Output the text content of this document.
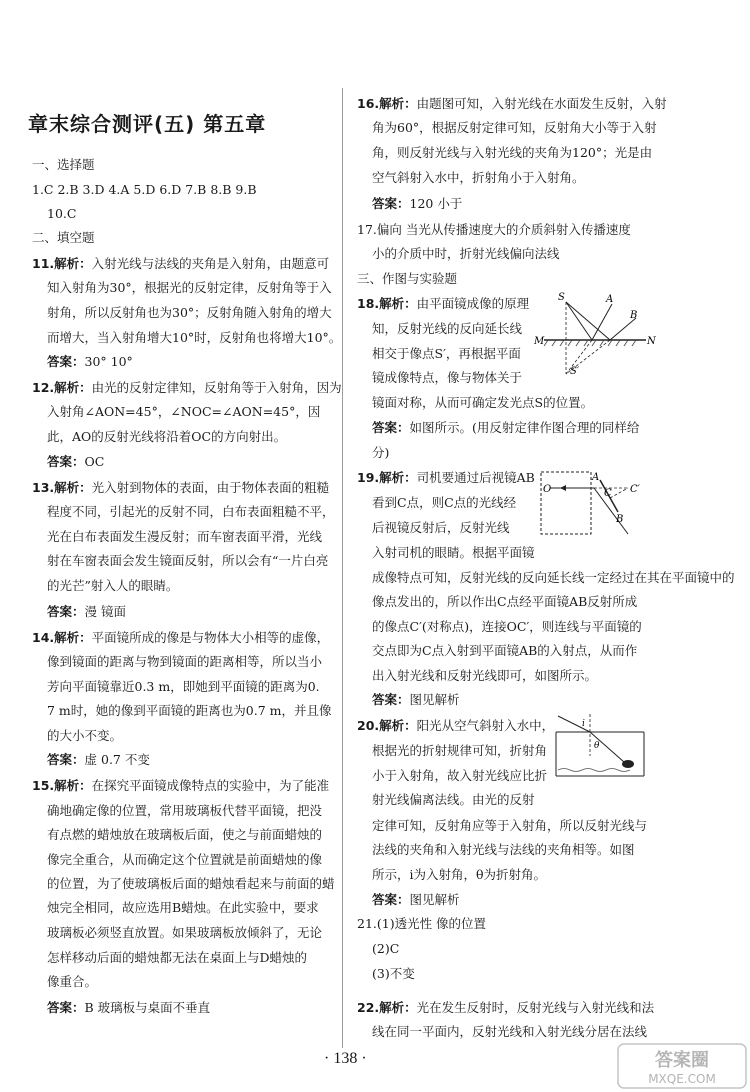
章末综合测评(五) 第五章
一、选择题
1.C 2.B 3.D 4.A 5.D 6.D 7.B 8.B 9.B
10.C
二、填空题
11.解析：入射光线与法线的夹角是入射角，由题意可
知入射角为30°，根据光的反射定律，反射角等于入
射角，所以反射角也为30°；反射角随入射角的增大
而增大，当入射角增大10°时，反射角也将增大10°。
答案：30° 10°
12.解析：由光的反射定律知，反射角等于入射角，因为
入射角∠AON=45°，∠NOC=∠AON=45°，因
此，AO的反射光线将沿着OC的方向射出。
答案：OC
13.解析：光入射到物体的表面，由于物体表面的粗糙
程度不同，引起光的反射不同，白布表面粗糙不平，
光在白布表面发生漫反射；而车窗表面平滑，光线
射在车窗表面会发生镜面反射，所以会有“一片白亮
的光芒”射入人的眼睛。
答案：漫 镜面
14.解析：平面镜所成的像是与物体大小相等的虚像，
像到镜面的距离与物到镜面的距离相等，所以当小
芳向平面镜靠近0.3 m，即她到平面镜的距离为0.
7 m时，她的像到平面镜的距离也为0.7 m，并且像
的大小不变。
答案：虚 0.7 不变
15.解析：在探究平面镜成像特点的实验中，为了能准
确地确定像的位置，常用玻璃板代替平面镜，把没
有点燃的蜡烛放在玻璃板后面，使之与前面蜡烛的
像完全重合，从而确定这个位置就是前面蜡烛的像
的位置，为了使玻璃板后面的蜡烛看起来与前面的蜡
烛完全相同，故应选用B蜡烛。在此实验中，要求
玻璃板必须竖直放置。如果玻璃板放倾斜了，无论
怎样移动后面的蜡烛都无法在桌面上与D蜡烛的
像重合。
答案：B 玻璃板与桌面不垂直
16.解析：由题图可知，入射光线在水面发生反射，入射
角为60°，根据反射定律可知，反射角大小等于入射
角，则反射光线与入射光线的夹角为120°；光是由
空气斜射入水中，折射角小于入射角。
答案：120 小于
17.偏向 当光从传播速度大的介质斜射入传播速度
小的介质中时，折射光线偏向法线
三、作图与实验题
18.解析：由平面镜成像的原理
知，反射光线的反向延长线
相交于像点S′，再根据平面
镜成像特点，像与物体关于
镜面对称，从而可确定发光点S的位置。
答案：如图所示。(用反射定律作图合理的同样给
分)
19.解析：司机要通过后视镜AB
看到C点，则C点的光线经
后视镜反射后，反射光线
入射司机的眼睛。根据平面镜
成像特点可知，反射光线的反向延长线一定经过在其在平面镜中的
像点发出的，所以作出C点经平面镜AB反射所成
的像点C′(对称点)，连接OC′，则连线与平面镜的
交点即为C点入射到平面镜AB的入射点，从而作
出入射光线和反射光线即可，如图所示。
答案：图见解析
20.解析：阳光从空气斜射入水中，
根据光的折射规律可知，折射角
小于入射角，故入射光线应比折
射光线偏离法线。由光的反射
定律可知，反射角应等于入射角，所以反射光线与
法线的夹角和入射光线与法线的夹角相等。如图
所示，i为入射角，θ为折射角。
答案：图见解析
21.(1)透光性 像的位置
(2)C
(3)不变
22.解析：光在发生反射时，反射光线与入射光线和法
线在同一平面内，反射光线和入射光线分居在法线
S	A
B
M	N
S′
O
A
B
C C′
i
θ
· 138 ·	答案圈
MXQE.COM
